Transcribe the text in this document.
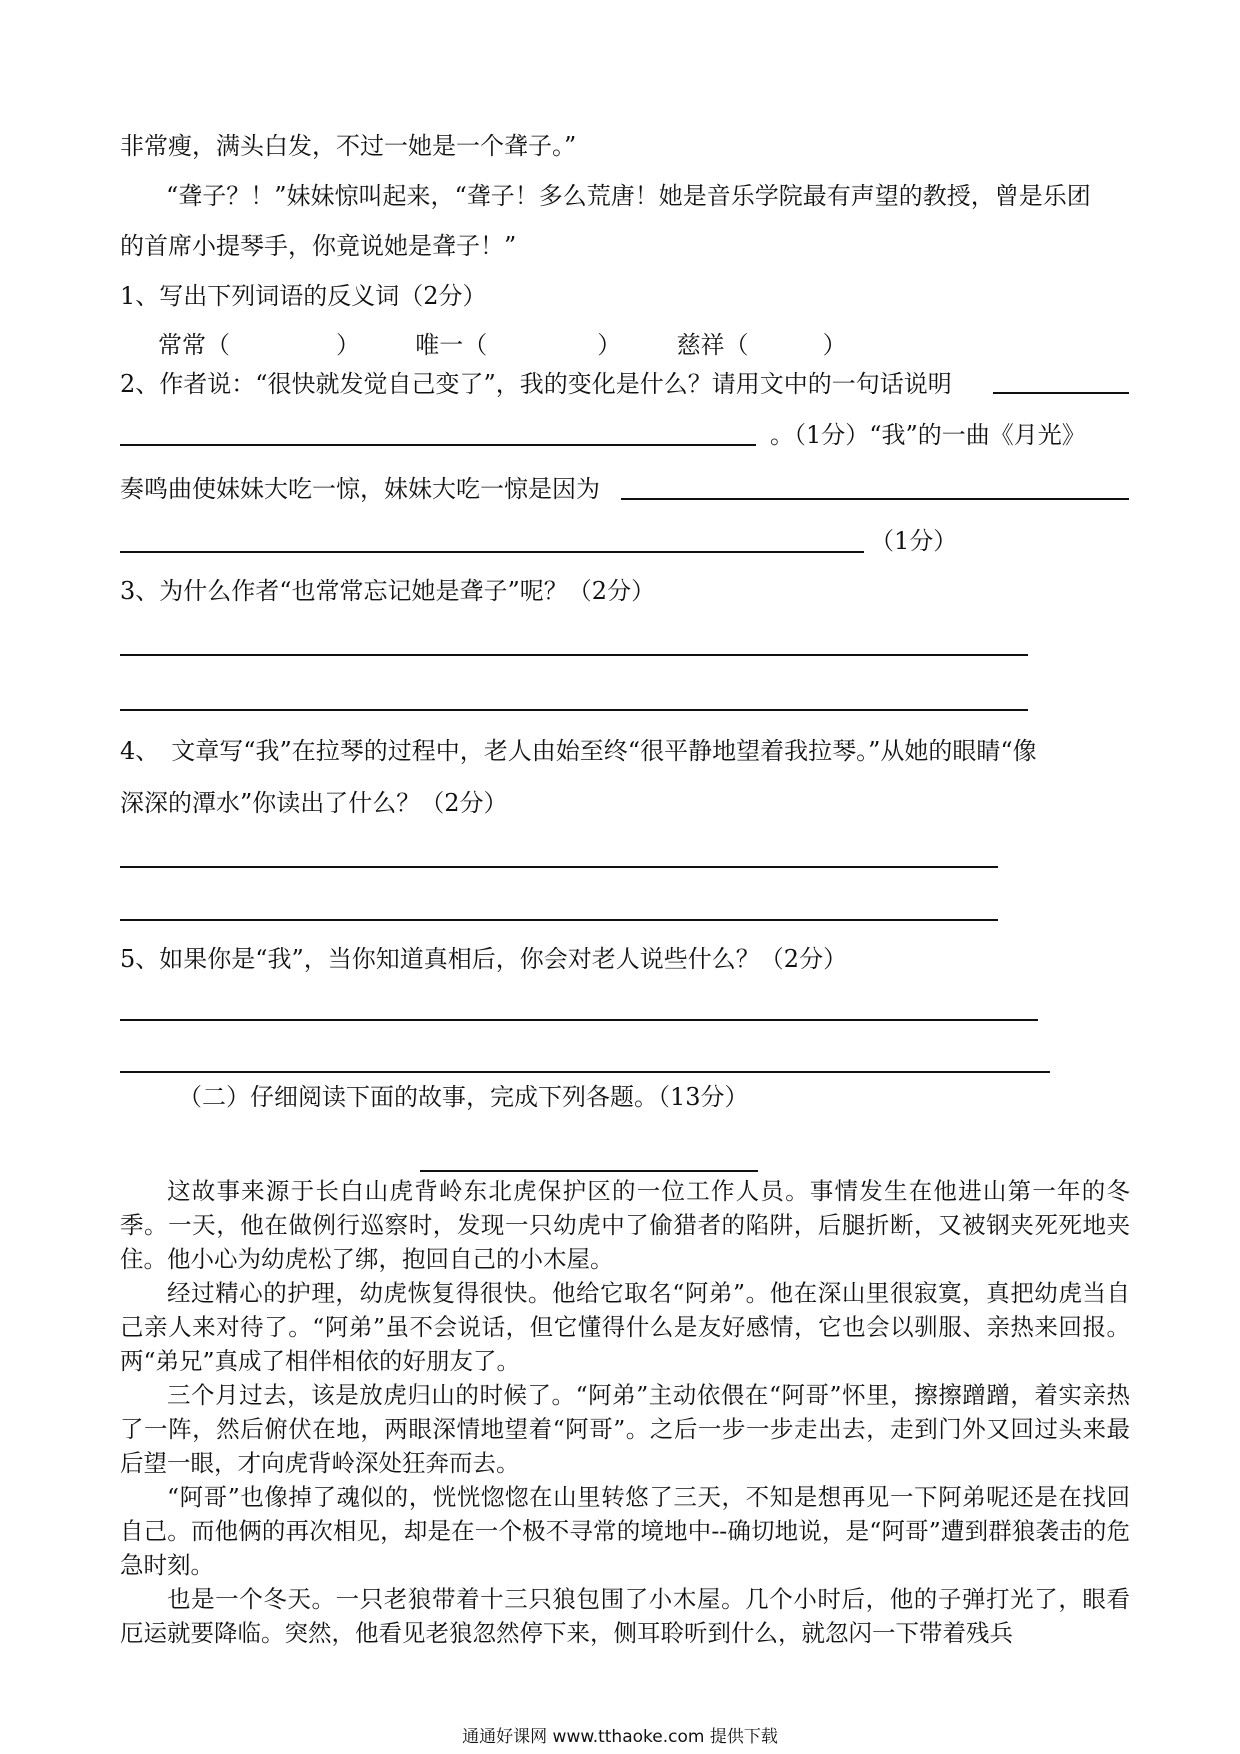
非常瘦，满头白发，不过一她是一个聋子。”
“聋子？！”妹妹惊叫起来，“聋子！多么荒唐！她是音乐学院最有声望的教授，曾是乐团
的首席小提琴手，你竟说她是聋子！”
1、写出下列词语的反义词（2分）
常常（	） 唯一（	） 慈祥（	）
2、作者说：“很快就发觉自己变了”，我的变化是什么？请用文中的一句话说明
。（1分）“我”的一曲《月光》
奏鸣曲使妹妹大吃一惊，妹妹大吃一惊是因为
（1分）
3、为什么作者“也常常忘记她是聋子”呢？（2分）
4、　文章写“我”在拉琴的过程中，老人由始至终“很平静地望着我拉琴。”从她的眼睛“像
深深的潭水”你读出了什么？（2分）
5、如果你是“我”，当你知道真相后，你会对老人说些什么？（2分）
（二）仔细阅读下面的故事，完成下列各题。（13分）

这故事来源于长白山虎背岭东北虎保护区的一位工作人员。事情发生在他进山第一年的冬季。一天，他在做例行巡察时，发现一只幼虎中了偷猎者的陷阱，后腿折断，又被钢夹死死地夹住。他小心为幼虎松了绑，抱回自己的小木屋。

经过精心的护理，幼虎恢复得很快。他给它取名“阿弟”。他在深山里很寂寞，真把幼虎当自己亲人来对待了。“阿弟”虽不会说话，但它懂得什么是友好感情，它也会以驯服、亲热来回报。两“弟兄”真成了相伴相依的好朋友了。

三个月过去，该是放虎归山的时候了。“阿弟”主动依偎在“阿哥”怀里，擦擦蹭蹭，着实亲热了一阵，然后俯伏在地，两眼深情地望着“阿哥”。之后一步一步走出去，走到门外又回过头来最后望一眼，才向虎背岭深处狂奔而去。

“阿哥”也像掉了魂似的，恍恍惚惚在山里转悠了三天，不知是想再见一下阿弟呢还是在找回自己。而他俩的再次相见，却是在一个极不寻常的境地中--确切地说，是“阿哥”遭到群狼袭击的危急时刻。

也是一个冬天。一只老狼带着十三只狼包围了小木屋。几个小时后，他的子弹打光了，眼看厄运就要降临。突然，他看见老狼忽然停下来，侧耳聆听到什么，就忽闪一下带着残兵

通通好课网 www.tthaoke.com 提供下载
